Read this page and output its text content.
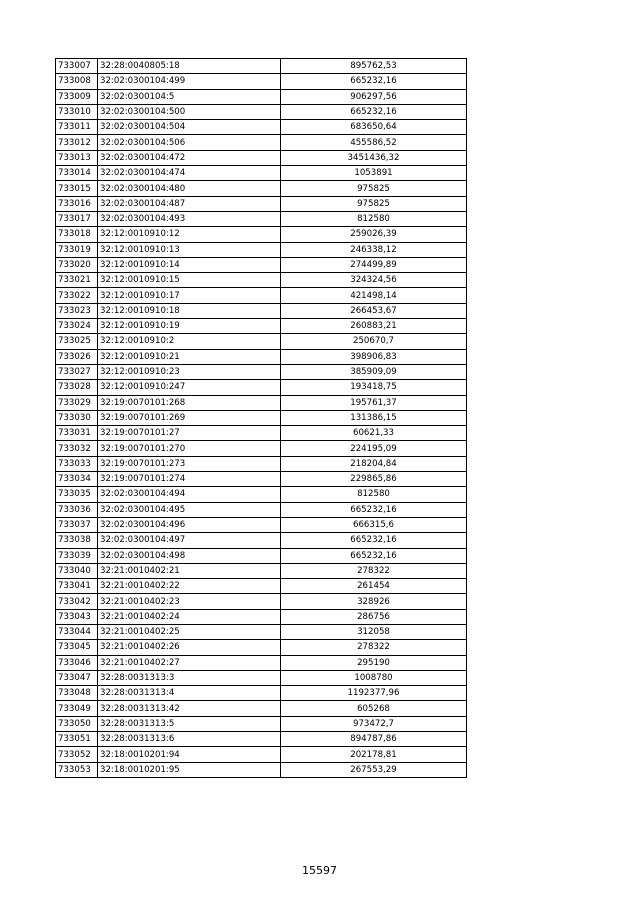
733007	32:28:0040805:18	895762,53
733008	32:02:0300104:499	665232,16
733009	32:02:0300104:5	906297,56
733010	32:02:0300104:500	665232,16
733011	32:02:0300104:504	683650,64
733012	32:02:0300104:506	455586,52
733013	32:02:0300104:472	3451436,32
733014	32:02:0300104:474	1053891
733015	32:02:0300104:480	975825
733016	32:02:0300104:487	975825
733017	32:02:0300104:493	812580
733018	32:12:0010910:12	259026,39
733019	32:12:0010910:13	246338,12
733020	32:12:0010910:14	274499,89
733021	32:12:0010910:15	324324,56
733022	32:12:0010910:17	421498,14
733023	32:12:0010910:18	266453,67
733024	32:12:0010910:19	260883,21
733025	32:12:0010910:2	250670,7
733026	32:12:0010910:21	398906,83
733027	32:12:0010910:23	385909,09
733028	32:12:0010910:247	193418,75
733029	32:19:0070101:268	195761,37
733030	32:19:0070101:269	131386,15
733031	32:19:0070101:27	60621,33
733032	32:19:0070101:270	224195,09
733033	32:19:0070101:273	218204,84
733034	32:19:0070101:274	229865,86
733035	32:02:0300104:494	812580
733036	32:02:0300104:495	665232,16
733037	32:02:0300104:496	666315,6
733038	32:02:0300104:497	665232,16
733039	32:02:0300104:498	665232,16
733040	32:21:0010402:21	278322
733041	32:21:0010402:22	261454
733042	32:21:0010402:23	328926
733043	32:21:0010402:24	286756
733044	32:21:0010402:25	312058
733045	32:21:0010402:26	278322
733046	32:21:0010402:27	295190
733047	32:28:0031313:3	1008780
733048	32:28:0031313:4	1192377,96
733049	32:28:0031313:42	605268
733050	32:28:0031313:5	973472,7
733051	32:28:0031313:6	894787,86
733052	32:18:0010201:94	202178,81
733053	32:18:0010201:95	267553,29
15597
